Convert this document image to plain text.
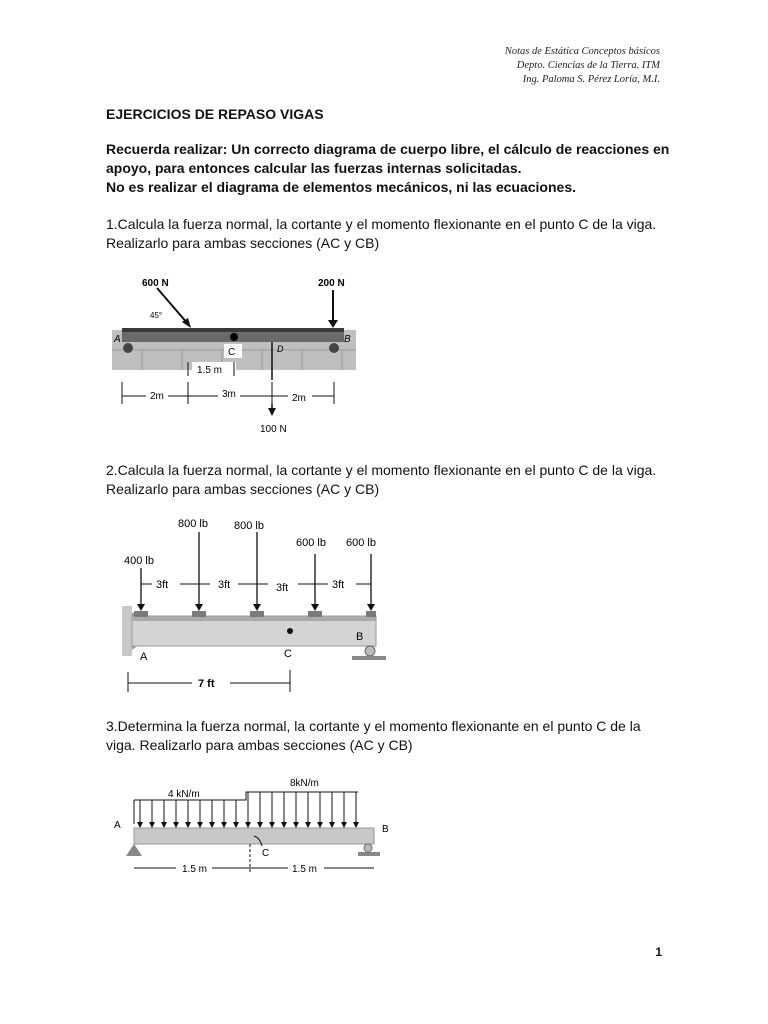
Notas de Estática Conceptos básicos
Depto. Ciencias de la Tierra. ITM
Ing. Paloma S. Pérez Loría, M.I.
EJERCICIOS DE REPASO VIGAS
Recuerda realizar: Un correcto diagrama de cuerpo libre, el cálculo de reacciones en apoyo, para entonces calcular las fuerzas internas solicitadas.
No es realizar el diagrama de elementos mecánicos, ni las ecuaciones.
1.Calcula la fuerza normal, la cortante y el momento flexionante en el punto C de la viga. Realizarlo para ambas secciones (AC y CB)
600 N
45°
200 N
100 N
A	B
D
C
1.5 m
2m	3m	2m
2.Calcula la fuerza normal, la cortante y el momento flexionante en el punto C de la viga. Realizarlo para ambas secciones (AC y CB)
400 lb
800 lb 800 lb
600 lb 600 lb
3ft	3ft	3ft	3ft
C
B
A
7 ft
3.Determina la fuerza normal, la cortante y el momento flexionante en el punto C de la viga. Realizarlo para ambas secciones (AC y CB)
4 kN/m
8kN/m
A	B
C
1.5 m	1.5 m
1
